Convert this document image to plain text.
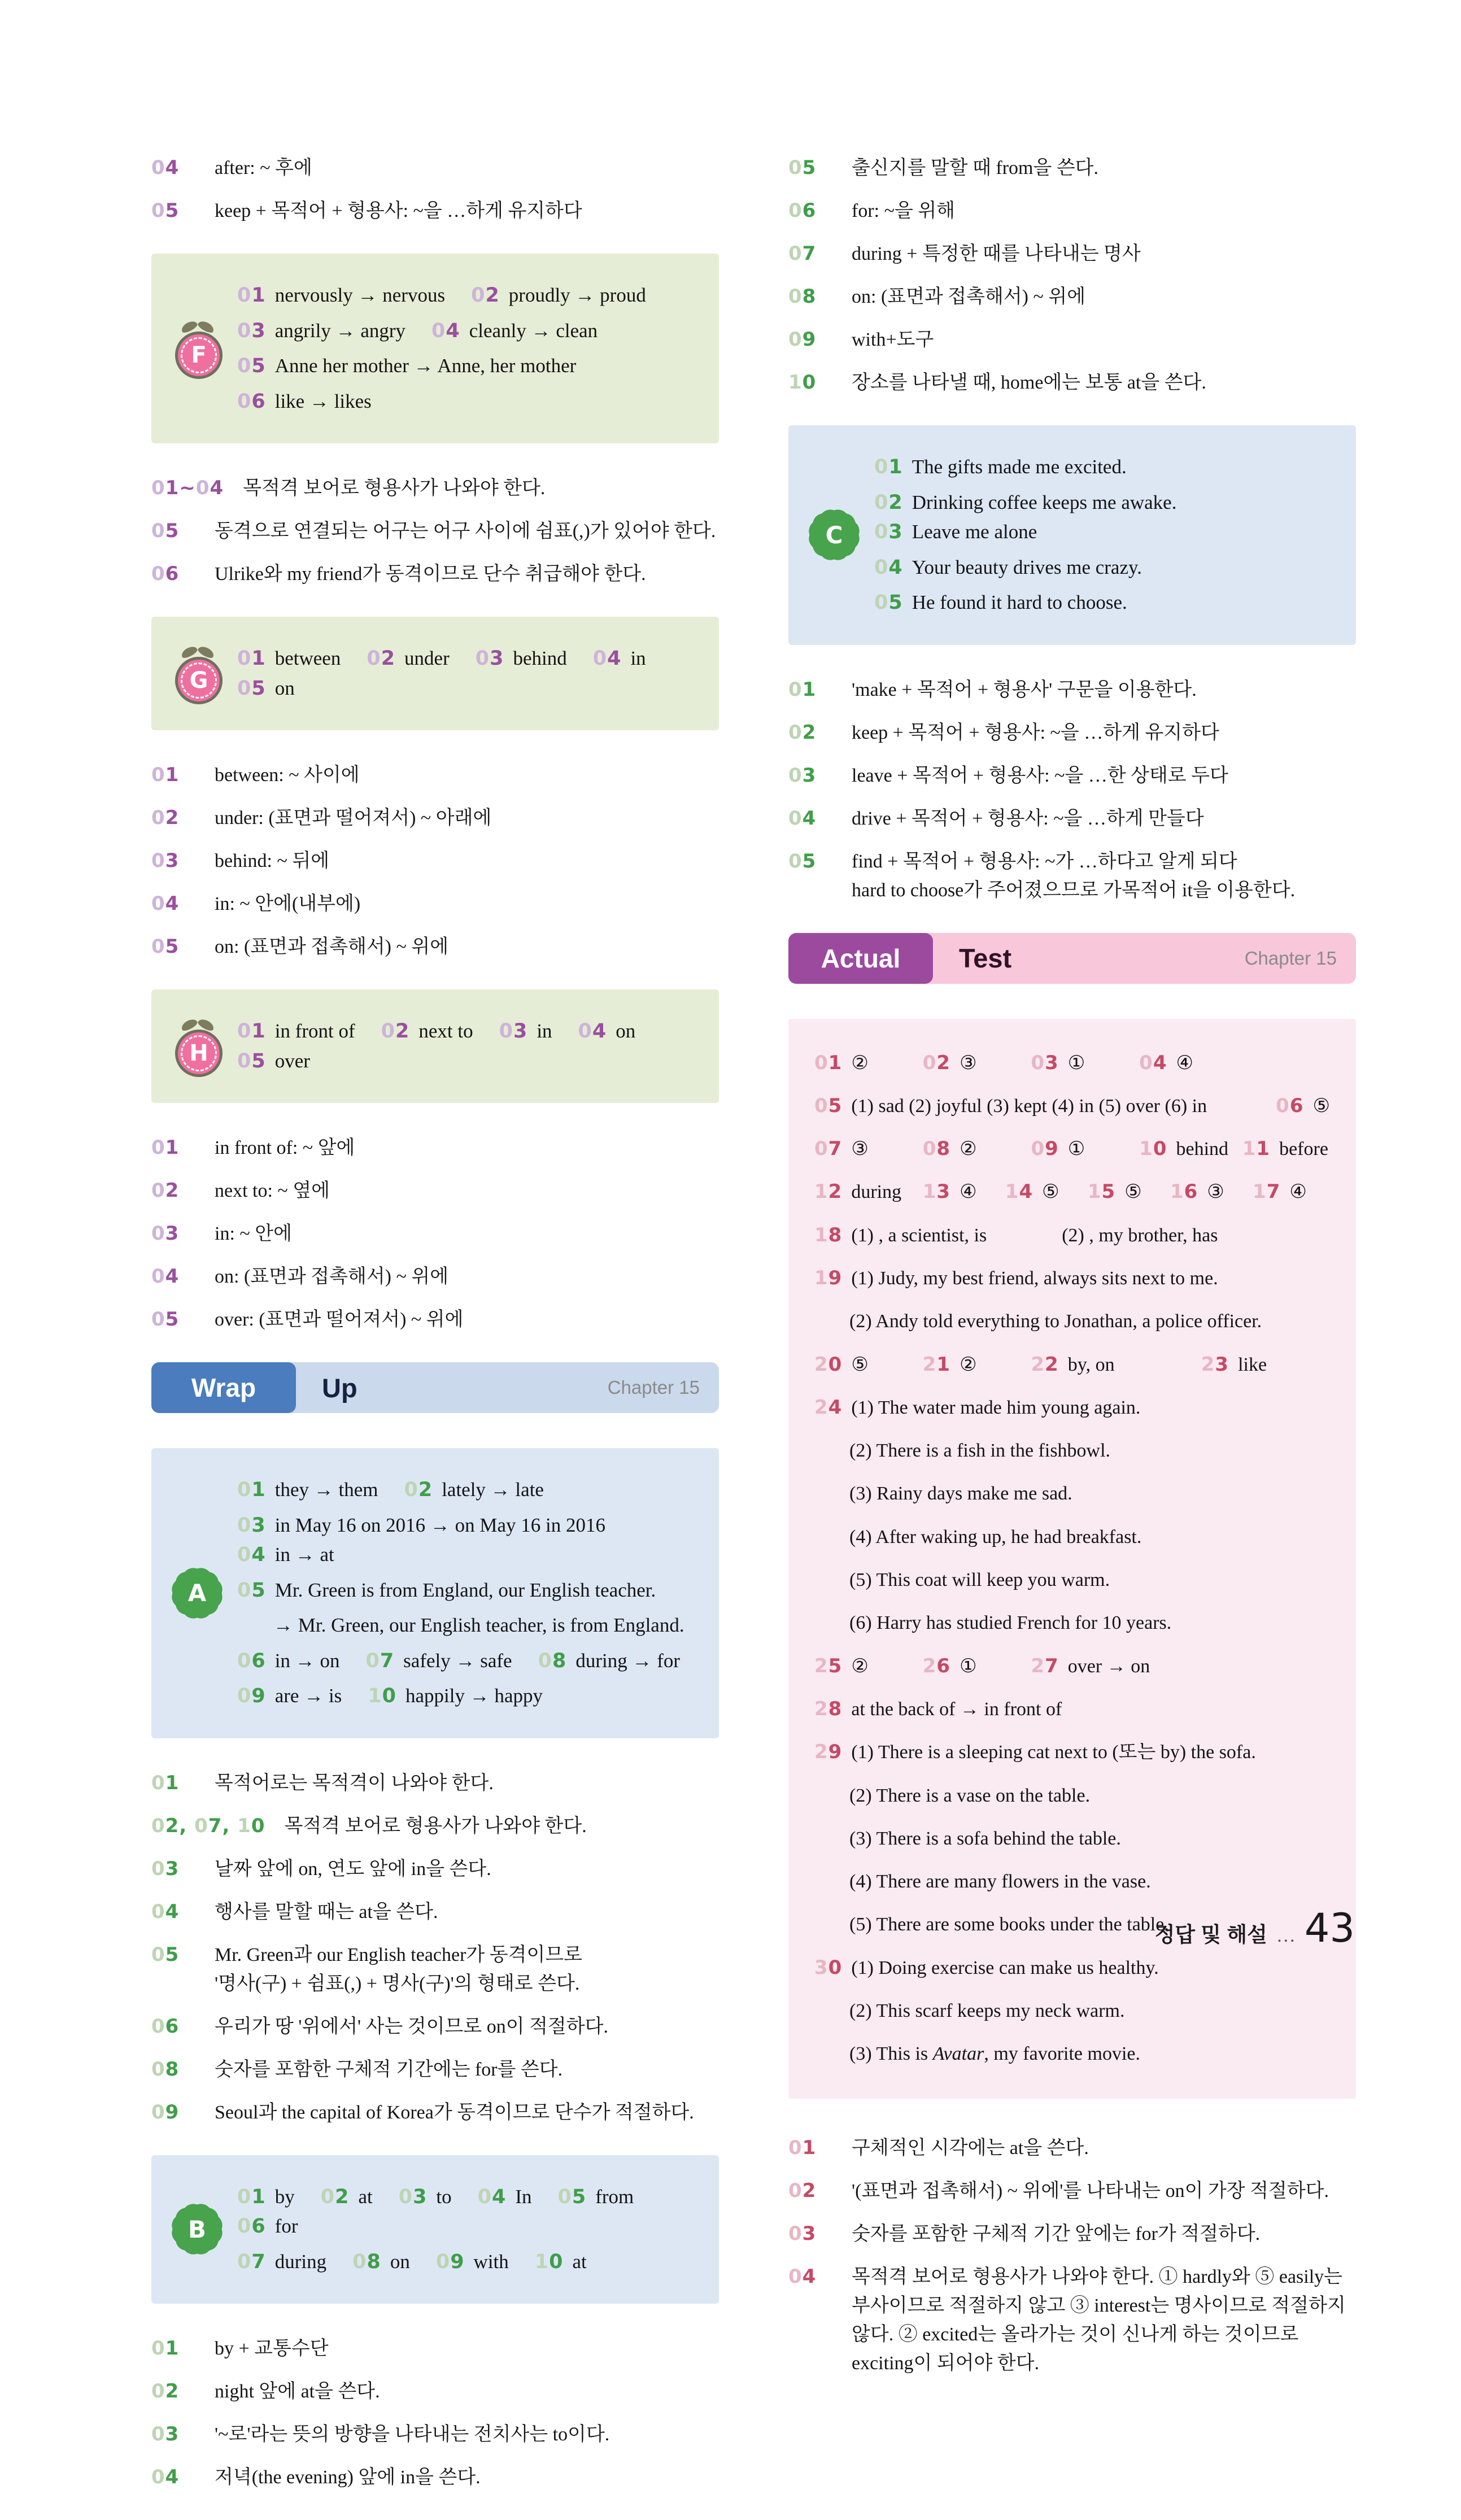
04	after: ~ 후에
05	keep + 목적어 + 형용사: ~을 …하게 유지하다
F
01 nervously → nervous 02 proudly → proud
03 angrily → angry 04 cleanly → clean
05 Anne her mother → Anne, her mother
06 like → likes
01~04 목적격 보어로 형용사가 나와야 한다.
05	동격으로 연결되는 어구는 어구 사이에 쉼표(,)가 있어야 한다.
06	Ulrike와 my friend가 동격이므로 단수 취급해야 한다.
G
01 between 02 under 03 behind 04 in
05 on
01	between: ~ 사이에
02	under: (표면과 떨어져서) ~ 아래에
03	behind: ~ 뒤에
04	in: ~ 안에(내부에)
05	on: (표면과 접촉해서) ~ 위에
H
01 in front of 02 next to 03 in 04 on
05 over
01	in front of: ~ 앞에
02	next to: ~ 옆에
03	in: ~ 안에
04	on: (표면과 접촉해서) ~ 위에
05	over: (표면과 떨어져서) ~ 위에
Wrap	Up	Chapter 15
A
01 they → them 02 lately → late
03 in May 16 on 2016 → on May 16 in 2016
04 in → at
05 Mr. Green is from England, our English teacher.
→ Mr. Green, our English teacher, is from England.
06 in → on 07 safely → safe 08 during → for
09 are → is 10 happily → happy
01	목적어로는 목적격이 나와야 한다.
02, 07, 10 목적격 보어로 형용사가 나와야 한다.
03	날짜 앞에 on, 연도 앞에 in을 쓴다.
04	행사를 말할 때는 at을 쓴다.
05	Mr. Green과 our English teacher가 동격이므로
'명사(구) + 쉼표(,) + 명사(구)'의 형태로 쓴다.
06	우리가 땅 '위에서' 사는 것이므로 on이 적절하다.
08	숫자를 포함한 구체적 기간에는 for를 쓴다.
09	Seoul과 the capital of Korea가 동격이므로 단수가 적절하다.
B
01 by 02 at 03 to 04 In 05 from
06 for
07 during 08 on 09 with 10 at
01	by + 교통수단
02	night 앞에 at을 쓴다.
03	'~로'라는 뜻의 방향을 나타내는 전치사는 to이다.
04	저녁(the evening) 앞에 in을 쓴다.
05	출신지를 말할 때 from을 쓴다.
06	for: ~을 위해
07	during + 특정한 때를 나타내는 명사
08	on: (표면과 접촉해서) ~ 위에
09	with+도구
10	장소를 나타낼 때, home에는 보통 at을 쓴다.
C
01 The gifts made me excited.
02 Drinking coffee keeps me awake.
03 Leave me alone
04 Your beauty drives me crazy.
05 He found it hard to choose.
01	'make + 목적어 + 형용사' 구문을 이용한다.
02	keep + 목적어 + 형용사: ~을 …하게 유지하다
03	leave + 목적어 + 형용사: ~을 …한 상태로 두다
04	drive + 목적어 + 형용사: ~을 …하게 만들다
05	find + 목적어 + 형용사: ~가 …하다고 알게 되다
hard to choose가 주어졌으므로 가목적어 it을 이용한다.
Actual	Test	Chapter 15
01 ②	02 ③	03 ①	04 ④
05 (1) sad (2) joyful (3) kept (4) in (5) over (6) in	06 ⑤
07 ③	08 ②	09 ①	10 behind 11 before
12 during 13 ④ 14 ⑤ 15 ⑤ 16 ③ 17 ④
18 (1) , a scientist, is	(2) , my brother, has
19 (1) Judy, my best friend, always sits next to me.
(2) Andy told everything to Jonathan, a police officer.
20 ⑤	21 ②	22 by, on	23 like
24 (1) The water made him young again.
(2) There is a fish in the fishbowl.
(3) Rainy days make me sad.
(4) After waking up, he had breakfast.
(5) This coat will keep you warm.
(6) Harry has studied French for 10 years.
25 ②	26 ①	27 over → on
28 at the back of → in front of
29 (1) There is a sleeping cat next to (또는 by) the sofa.
(2) There is a vase on the table.
(3) There is a sofa behind the table.
(4) There are many flowers in the vase.
(5) There are some books under the table.
30 (1) Doing exercise can make us healthy.
(2) This scarf keeps my neck warm.
(3) This is Avatar, my favorite movie.
01	구체적인 시각에는 at을 쓴다.
02	'(표면과 접촉해서) ~ 위에'를 나타내는 on이 가장 적절하다.
03	숫자를 포함한 구체적 기간 앞에는 for가 적절하다.
04	목적격 보어로 형용사가 나와야 한다. ① hardly와 ⑤ easily는 부사이므로 적절하지 않고 ③ interest는 명사이므로 적절하지 않다. ② excited는 올라가는 것이 신나게 하는 것이므로 exciting이 되어야 한다.
정답 및 해설 … 43
